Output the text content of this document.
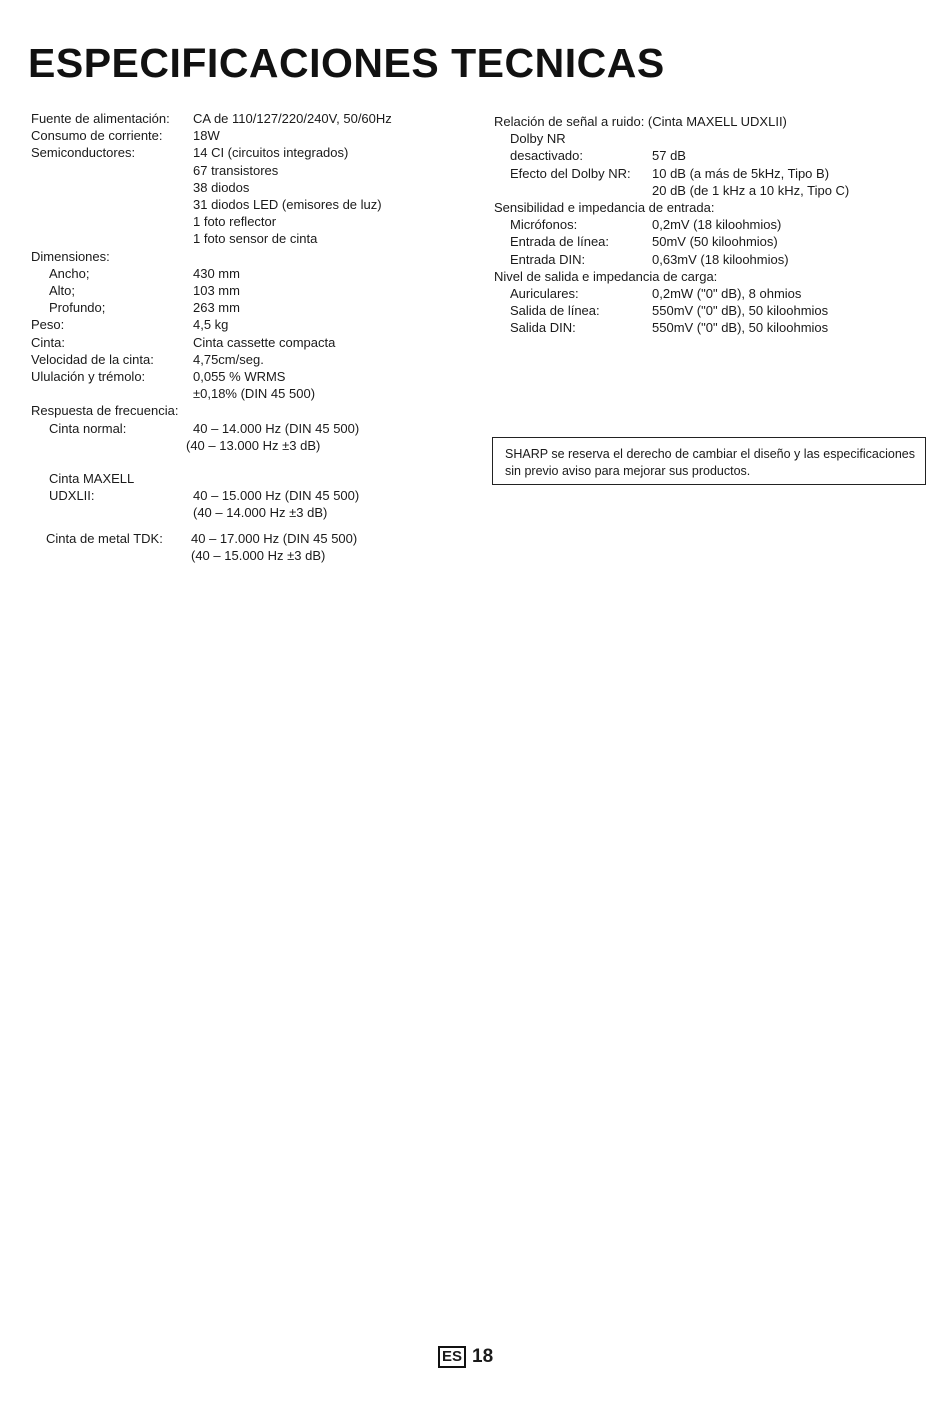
ESPECIFICACIONES TECNICAS
Fuente de alimentación:	CA de 110/127/220/240V, 50/60Hz
Consumo de corriente:	18W
Semiconductores:	14 CI (circuitos integrados)
67 transistores
38 diodos
31 diodos LED (emisores de luz)
1 foto reflector
1 foto sensor de cinta
Dimensiones:
Ancho;	430 mm
Alto;	103 mm
Profundo;	263 mm
Peso:	4,5 kg
Cinta:	Cinta cassette compacta
Velocidad de la cinta:	4,75cm/seg.
Ululación y trémolo:	0,055 % WRMS
±0,18% (DIN 45 500)
Respuesta de frecuencia:
Cinta normal:	40 – 14.000 Hz (DIN 45 500)
(40 – 13.000 Hz ±3 dB)
Cinta MAXELL
UDXLII:	40 – 15.000 Hz (DIN 45 500)
(40 – 14.000 Hz ±3 dB)
Cinta de metal TDK:	40 – 17.000 Hz (DIN 45 500)
(40 – 15.000 Hz ±3 dB)
Relación de señal a ruido: (Cinta MAXELL UDXLII)
Dolby NR
desactivado:	57 dB
Efecto del Dolby NR:	10 dB (a más de 5kHz, Tipo B)
20 dB (de 1 kHz a 10 kHz, Tipo C)
Sensibilidad e impedancia de entrada:
Micrófonos:	0,2mV (18 kiloohmios)
Entrada de línea:	50mV (50 kiloohmios)
Entrada DIN:	0,63mV (18 kiloohmios)
Nivel de salida e impedancia de carga:
Auriculares:	0,2mW ("0" dB), 8 ohmios
Salida de línea:	550mV ("0" dB), 50 kiloohmios
Salida DIN:	550mV ("0" dB), 50 kiloohmios
SHARP se reserva el derecho de cambiar el diseño y las especificaciones sin previo aviso para mejorar sus productos.
ES 18
